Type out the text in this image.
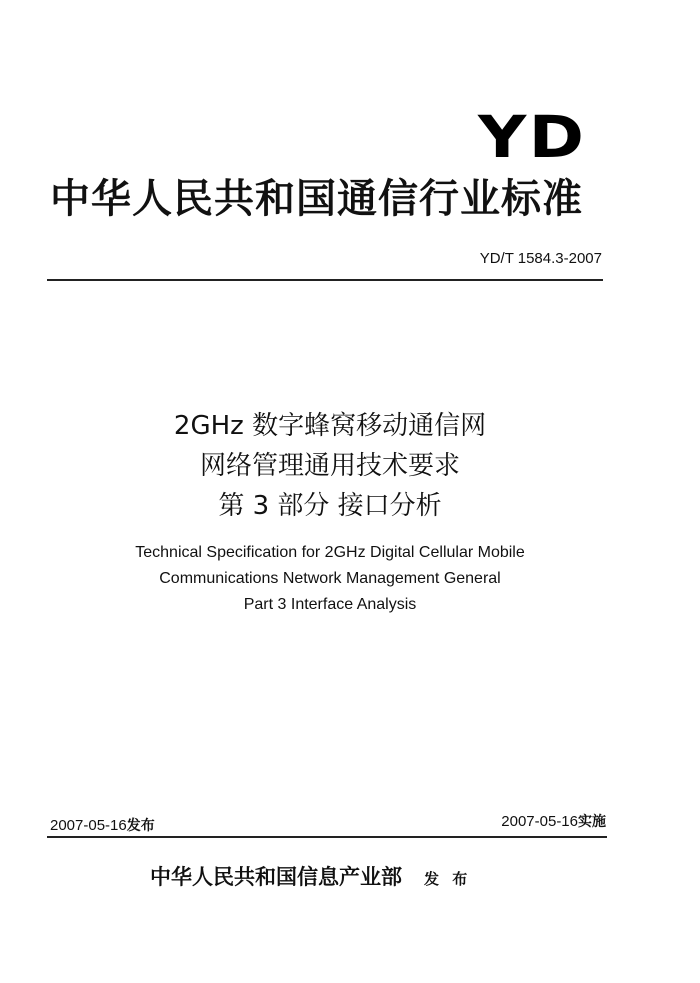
YD
中华人民共和国通信行业标准
YD/T 1584.3-2007
2GHz 数字蜂窝移动通信网
网络管理通用技术要求
第 3 部分 接口分析
Technical Specification for 2GHz Digital Cellular Mobile
Communications Network Management General
Part 3 Interface Analysis
2007-05-16发布	2007-05-16实施
中华人民共和国信息产业部 发 布
